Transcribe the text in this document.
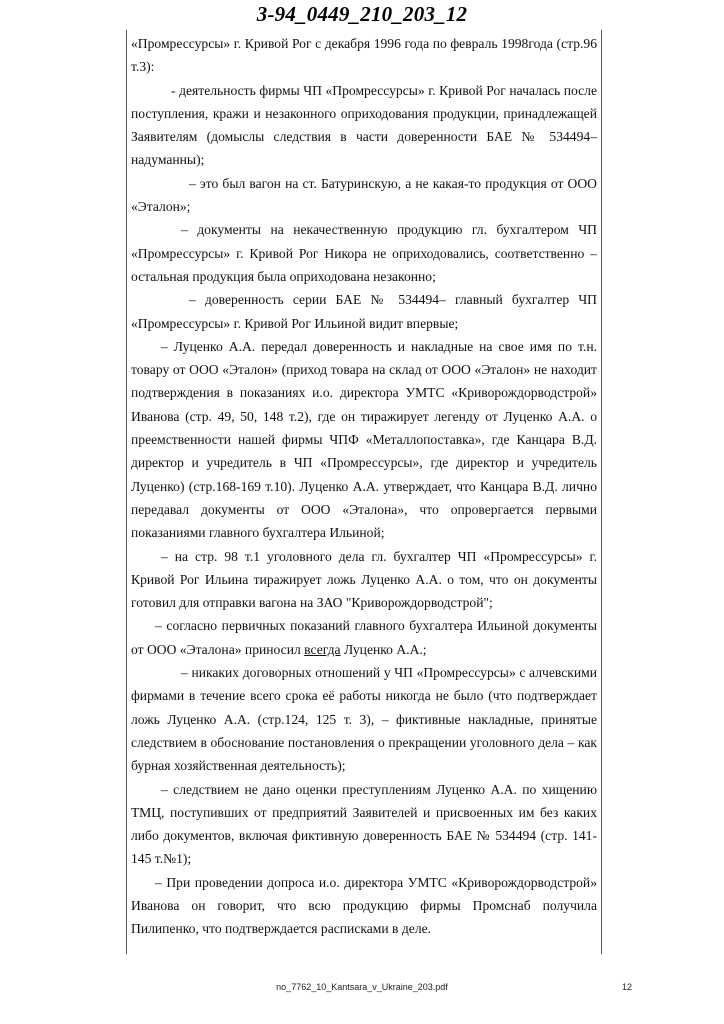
3-94_0449_210_203_12

«Промрессурсы» г. Кривой Рог с декабря 1996 года по февраль 1998года (стр.96 т.3):

- деятельность фирмы ЧП «Промрессурсы» г. Кривой Рог началась после поступления, кражи и незаконного оприходования продукции, принадлежащей Заявителям (домыслы следствия в части доверенности БАЕ № 534494– надуманны);

– это был вагон на ст. Батуринскую, а не какая-то продукция от ООО «Эталон»;

– документы на некачественную продукцию гл. бухгалтером ЧП «Промрессурсы» г. Кривой Рог Никора не оприходовались, соответственно – остальная продукция была оприходована незаконно;

– доверенность серии БАЕ № 534494– главный бухгалтер ЧП «Промрессурсы» г. Кривой Рог Ильиной видит впервые;

– Луценко А.А. передал доверенность и накладные на свое имя по т.н. товару от ООО «Эталон» (приход товара на склад от ООО «Эталон» не находит подтверждения в показаниях и.о. директора УМТС «Криворождорводстрой» Иванова (стр. 49, 50, 148 т.2), где он тиражирует легенду от Луценко А.А. о преемственности нашей фирмы ЧПФ «Металлопоставка», где Канцара В.Д. директор и учредитель в ЧП «Промрессурсы», где директор и учредитель Луценко) (стр.168-169 т.10). Луценко А.А. утверждает, что Канцара В.Д. лично передавал документы от ООО «Эталона», что опровергается первыми показаниями главного бухгалтера Ильиной;

– на стр. 98 т.1 уголовного дела гл. бухгалтер ЧП «Промрессурсы» г. Кривой Рог Ильина тиражирует ложь Луценко А.А. о том, что он документы готовил для отправки вагона на ЗАО "Криворождорводстрой";

– согласно первичных показаний главного бухгалтера Ильиной документы от ООО «Эталона» приносил всегда Луценко А.А.;

– никаких договорных отношений у ЧП «Промрессурсы» с алчевскими фирмами в течение всего срока её работы никогда не было (что подтверждает ложь Луценко А.А. (стр.124, 125 т. 3), – фиктивные накладные, принятые следствием в обоснование постановления о прекращении уголовного дела – как бурная хозяйственная деятельность);

– следствием не дано оценки преступлениям Луценко А.А. по хищению ТМЦ, поступивших от предприятий Заявителей и присвоенных им без каких либо документов, включая фиктивную доверенность БАЕ № 534494 (стр. 141-145 т.№1);

– При проведении допроса и.о. директора УМТС «Криворождорводстрой» Иванова он говорит, что всю продукцию фирмы Промснаб получила Пилипенко, что подтверждается расписками в деле.

no_7762_10_Kantsara_v_Ukraine_203.pdf	12
